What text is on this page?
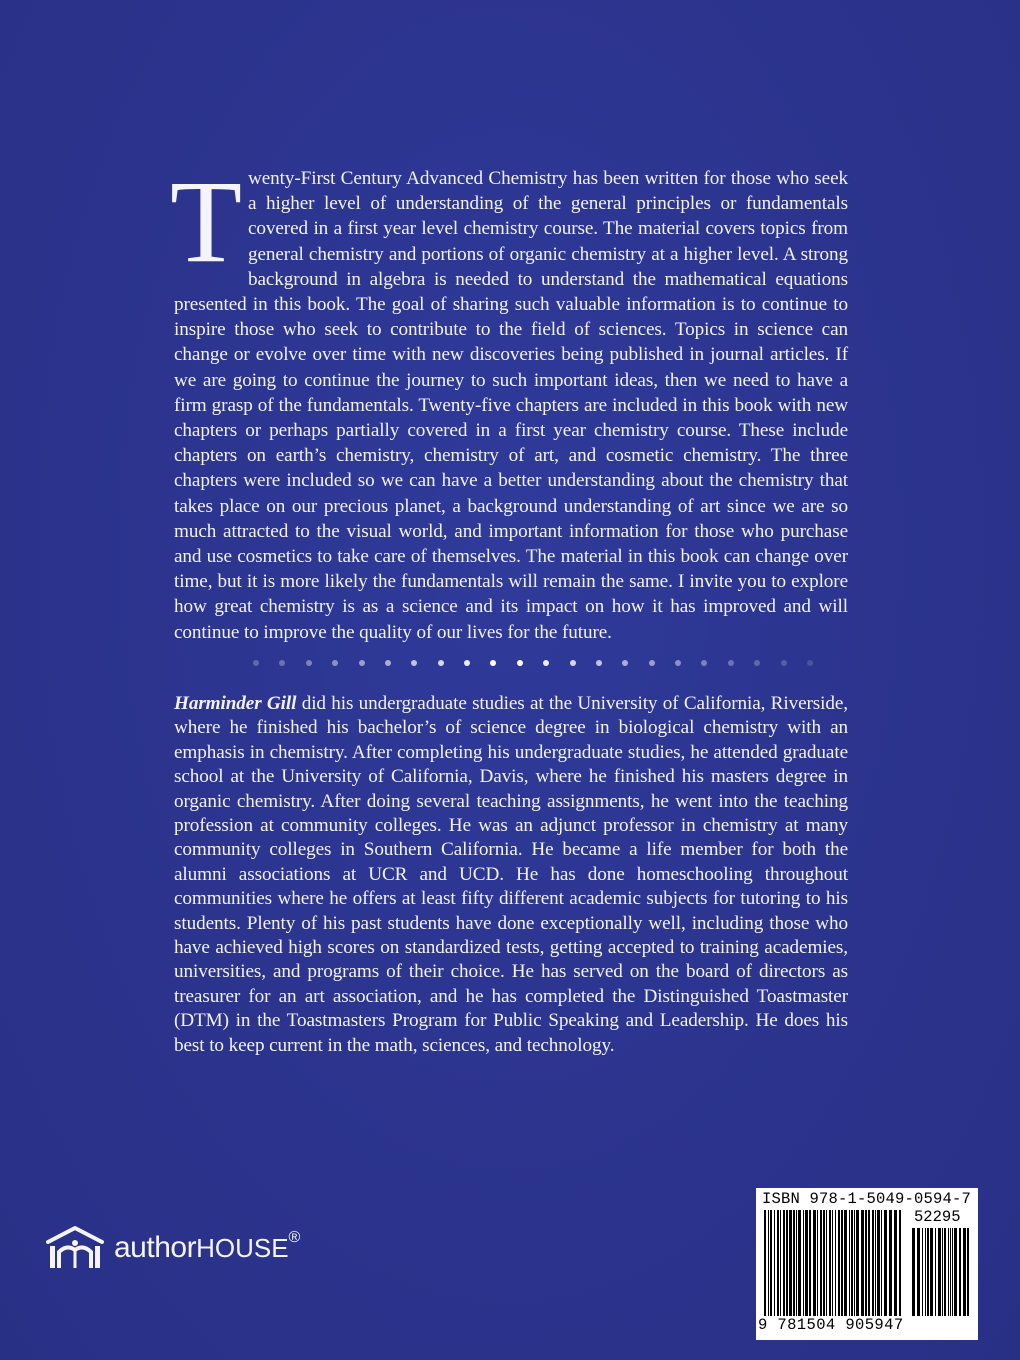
Twenty-First Century Advanced Chemistry has been written for those who seek a higher level of understanding of the general principles or fundamentals covered in a first year level chemistry course. The material covers topics from general chemistry and portions of organic chemistry at a higher level. A strong background in algebra is needed to understand the mathematical equations presented in this book. The goal of sharing such valuable information is to continue to inspire those who seek to contribute to the field of sciences. Topics in science can change or evolve over time with new discoveries being published in journal articles. If we are going to continue the journey to such important ideas, then we need to have a firm grasp of the fundamentals. Twenty-five chapters are included in this book with new chapters or perhaps partially covered in a first year chemistry course. These include chapters on earth’s chemistry, chemistry of art, and cosmetic chemistry. The three chapters were included so we can have a better understanding about the chemistry that takes place on our precious planet, a background understanding of art since we are so much attracted to the visual world, and important information for those who purchase and use cosmetics to take care of themselves. The material in this book can change over time, but it is more likely the fundamentals will remain the same. I invite you to explore how great chemistry is as a science and its impact on how it has improved and will continue to improve the quality of our lives for the future.
Harminder Gill did his undergraduate studies at the University of California, Riverside, where he finished his bachelor’s of science degree in biological chemistry with an emphasis in chemistry. After completing his undergraduate studies, he attended graduate school at the University of California, Davis, where he finished his masters degree in organic chemistry. After doing several teaching assignments, he went into the teaching profession at community colleges. He was an adjunct professor in chemistry at many community colleges in Southern California. He became a life member for both the alumni associations at UCR and UCD. He has done homeschooling throughout communities where he offers at least fifty different academic subjects for tutoring to his students. Plenty of his past students have done exceptionally well, including those who have achieved high scores on standardized tests, getting accepted to training academies, universities, and programs of their choice. He has served on the board of directors as treasurer for an art association, and he has completed the Distinguished Toastmaster (DTM) in the Toastmasters Program for Public Speaking and Leadership. He does his best to keep current in the math, sciences, and technology.
authorHOUSE®
ISBN 978-1-5049-0594-7
52295
9 781504 905947
